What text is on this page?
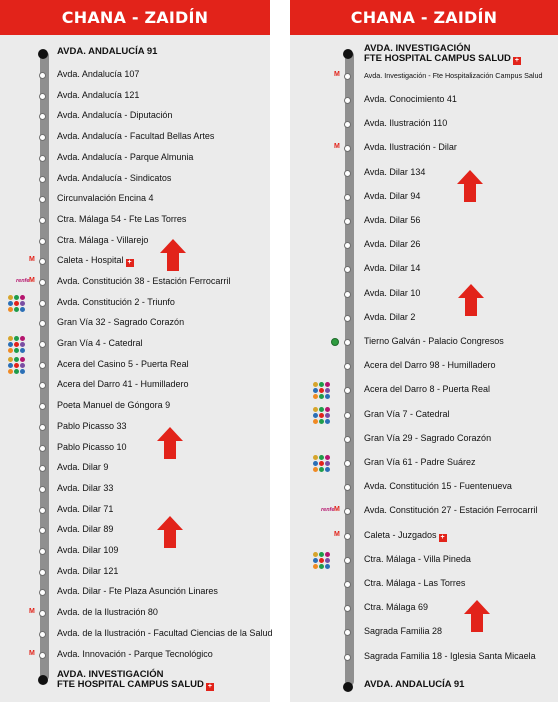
CHANA - ZAIDÍN
AVDA. ANDALUCÍA 91
Avda. Andalucía 107
Avda. Andalucía 121
Avda. Andalucía - Diputación
Avda. Andalucía - Facultad Bellas Artes
Avda. Andalucía - Parque Almunia
Avda. Andalucía - Sindicatos
Circunvalación Encina 4
Ctra. Málaga 54 - Fte Las Torres
Ctra. Málaga - Villarejo
Caleta - Hospital +
M
Avda. Constitución 38 - Estación Ferrocarril
M
renfe
Avda. Constitución 2 - Triunfo
Gran Vía 32 - Sagrado Corazón
Gran Vía 4 - Catedral
Acera del Casino 5 - Puerta Real
Acera del Darro 41 - Humilladero
Poeta Manuel de Góngora 9
Pablo Picasso 33
Pablo Picasso 10
Avda. Dilar 9
Avda. Dilar 33
Avda. Dilar 71
Avda. Dilar 89
Avda. Dilar 109
Avda. Dilar 121
Avda. Dilar - Fte Plaza Asunción Linares
Avda. de la Ilustración 80
M
Avda. de la Ilustración - Facultad Ciencias de la Salud
Avda. Innovación - Parque Tecnológico
M
AVDA. INVESTIGACIÓN
FTE HOSPITAL CAMPUS SALUD +
CHANA - ZAIDÍN
AVDA. INVESTIGACIÓN
FTE HOSPITAL CAMPUS SALUD +
Avda. Investigación - Fte Hospitalización Campus Salud
M
Avda. Conocimiento 41
Avda. Ilustración 110
Avda. Ilustración - Dilar
M
Avda. Dilar 134
Avda. Dilar 94
Avda. Dilar 56
Avda. Dilar 26
Avda. Dilar 14
Avda. Dilar 10
Avda. Dilar 2
Tierno Galván - Palacio Congresos
Acera del Darro 98 - Humilladero
Acera del Darro 8 - Puerta Real
Gran Vía 7 - Catedral
Gran Vía 29 - Sagrado Corazón
Gran Vía 61 - Padre Suárez
Avda. Constitución 15 - Fuentenueva
Avda. Constitución 27 - Estación Ferrocarril
M
renfe
Caleta - Juzgados +
M
Ctra. Málaga - Villa Pineda
Ctra. Málaga - Las Torres
Ctra. Málaga 69
Sagrada Familia 28
Sagrada Familia 18 - Iglesia Santa Micaela
AVDA. ANDALUCÍA 91
